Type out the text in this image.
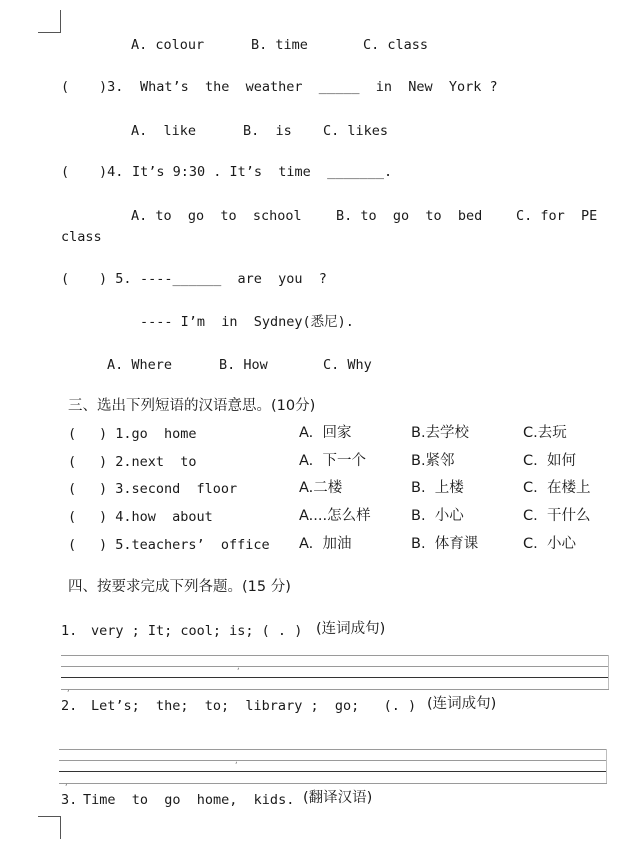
A. colour	B. time	C. class
( )3. What’s  the  weather  _____  in  New  York ?
A.  like	B.  is C. likes
( )4. It’s 9:30 . It’s  time  _______.
A. to  go  to  school	B. to  go  to  bed C. for  PE
class
( ) 5. ----______  are  you  ?
---- I’m  in  Sydney(悉尼).
A. Where	B. How	C. Why
三、选出下列短语的汉语意思。(10分)
( ) 1.go  home	A.  回家	B.去学校	C.去玩
( ) 2.next  to	A.  下一个	B.紧邻	C.  如何
( ) 3.second  floor	A.二楼	B.  上楼	C.  在楼上
( ) 4.how  about	A....怎么样	B.  小心	C.  干什么
( ) 5.teachers’  office A.  加油	B.  体育课	C.  小心
四、按要求完成下列各题。(15 分)
1. very ; It; cool; is; ( . ) (连词成句)
,
,
2. Let’s;  the;  to;  library ;  go;   (. ) (连词成句)
,
,
3. Time  to  go  home,  kids. (翻译汉语)
